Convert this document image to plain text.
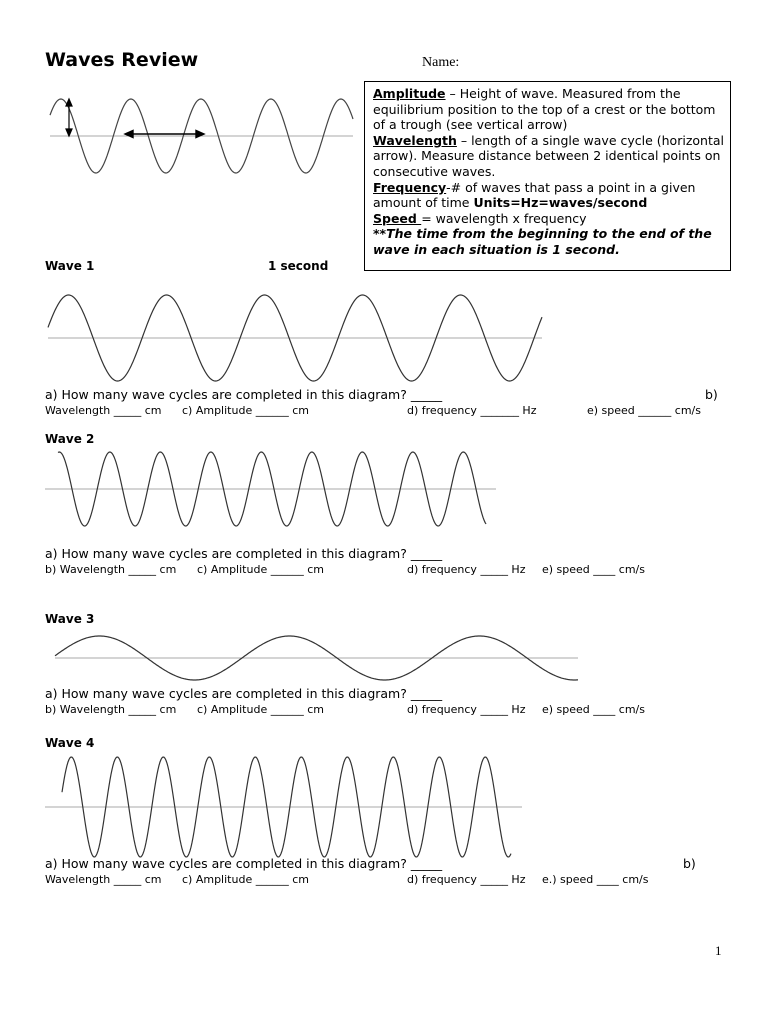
Waves Review	Name:
Amplitude – Height of wave. Measured from the equilibrium position to the top of a crest or the bottom of a trough (see vertical arrow)
Wavelength – length of a single wave cycle (horizontal arrow). Measure distance between 2 identical points on consecutive waves.
Frequency-# of waves that pass a point in a given amount of time Units=Hz=waves/second
Speed = wavelength x frequency
**The time from the beginning to the end of the wave in each situation is 1 second.
Wave 1	1 second
a) How many wave cycles are completed in this diagram? _____	b)
Wavelength _____ cm c) Amplitude ______ cm	d) frequency _______ Hz	e) speed ______ cm/s
Wave 2
a) How many wave cycles are completed in this diagram? _____
b) Wavelength _____ cm c) Amplitude ______ cm	d) frequency _____ Hz e) speed ____ cm/s
Wave 3
a) How many wave cycles are completed in this diagram? _____
b) Wavelength _____ cm c) Amplitude ______ cm	d) frequency _____ Hz e) speed ____ cm/s
Wave 4
a) How many wave cycles are completed in this diagram? _____	b)
Wavelength _____ cm c) Amplitude ______ cm	d) frequency _____ Hz e.) speed ____ cm/s
1
